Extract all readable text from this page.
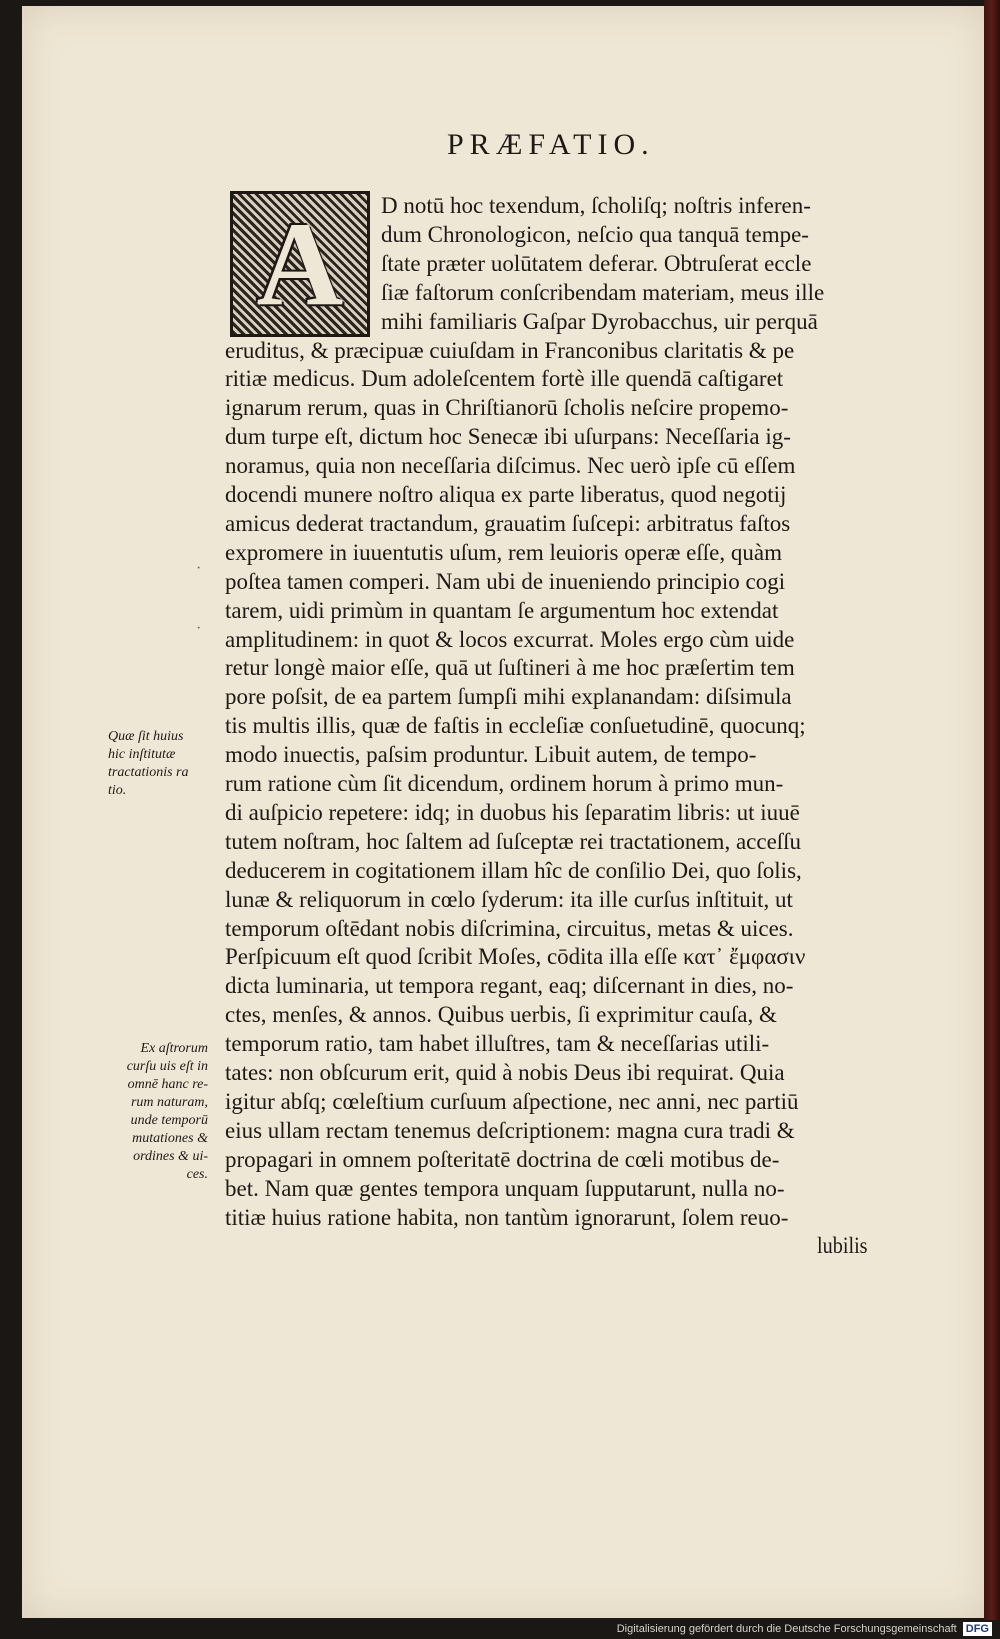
PRÆFATIO.
A	D notū hoc texendum, ſcholiſq; noſtris inferen-
dum Chronologicon, neſcio qua tanquā tempe-
ſtate præter uolūtatem deferar. Obtruſerat eccle
ſiæ faſtorum conſcribendam materiam, meus ille
mihi familiaris Gaſpar Dyrobacchus, uir perquā
eruditus, & præcipuæ cuiuſdam in Franconibus claritatis & pe
ritiæ medicus. Dum adoleſcentem fortè ille quendā caſtigaret
ignarum rerum, quas in Chriſtianorū ſcholis neſcire propemo-
dum turpe eſt, dictum hoc Senecæ ibi uſurpans: Neceſſaria ig-
noramus, quia non neceſſaria diſcimus. Nec uerò ipſe cū eſſem
docendi munere noſtro aliqua ex parte liberatus, quod negotij
amicus dederat tractandum, grauatim ſuſcepi: arbitratus faſtos
expromere in iuuentutis uſum, rem leuioris operæ eſſe, quàm
poſtea tamen comperi. Nam ubi de inueniendo principio cogi
tarem, uidi primùm in quantam ſe argumentum hoc extendat
amplitudinem: in quot & locos excurrat. Moles ergo cùm uide
retur longè maior eſſe, quā ut ſuſtineri à me hoc præſertim tem
pore poſsit, de ea partem ſumpſi mihi explanandam: diſsimula
tis multis illis, quæ de faſtis in eccleſiæ conſuetudinē, quocunq;
modo inuectis, paſsim produntur. Libuit autem, de tempo-
rum ratione cùm ſit dicendum, ordinem horum à primo mun-
di auſpicio repetere: idq; in duobus his ſeparatim libris: ut iuuē
tutem noſtram, hoc ſaltem ad ſuſceptæ rei tractationem, acceſſu
deducerem in cogitationem illam hîc de conſilio Dei, quo ſolis,
lunæ & reliquorum in cœlo ſyderum: ita ille curſus inſtituit, ut
temporum oſtēdant nobis diſcrimina, circuitus, metas & uices.
Perſpicuum eſt quod ſcribit Moſes, cōdita illa eſſe κατ᾽ ἔμφασιν
dicta luminaria, ut tempora regant, eaq; diſcernant in dies, no-
ctes, menſes, & annos. Quibus uerbis, ſi exprimitur cauſa, &
temporum ratio, tam habet illuſtres, tam & neceſſarias utili-
tates: non obſcurum erit, quid à nobis Deus ibi requirat. Quia
igitur abſq; cœleſtium curſuum aſpectione, nec anni, nec partiū
eius ullam rectam tenemus deſcriptionem: magna cura tradi &
propagari in omnem poſteritatē doctrina de cœli motibus de-
bet. Nam quæ gentes tempora unquam ſupputarunt, nulla no-
titiæ huius ratione habita, non tantùm ignorarunt, ſolem reuo-
lubilis
Quæ ſit huius
hic inſtitutæ
tractationis ra
tio.
Ex aſtrorum
curſu uis eſt in
omnē hanc re-
rum naturam,
unde temporū
mutationes &
ordines & ui-
ces.
·
·
Digitalisierung gefördert durch die Deutsche Forschungsgemeinschaft DFG
